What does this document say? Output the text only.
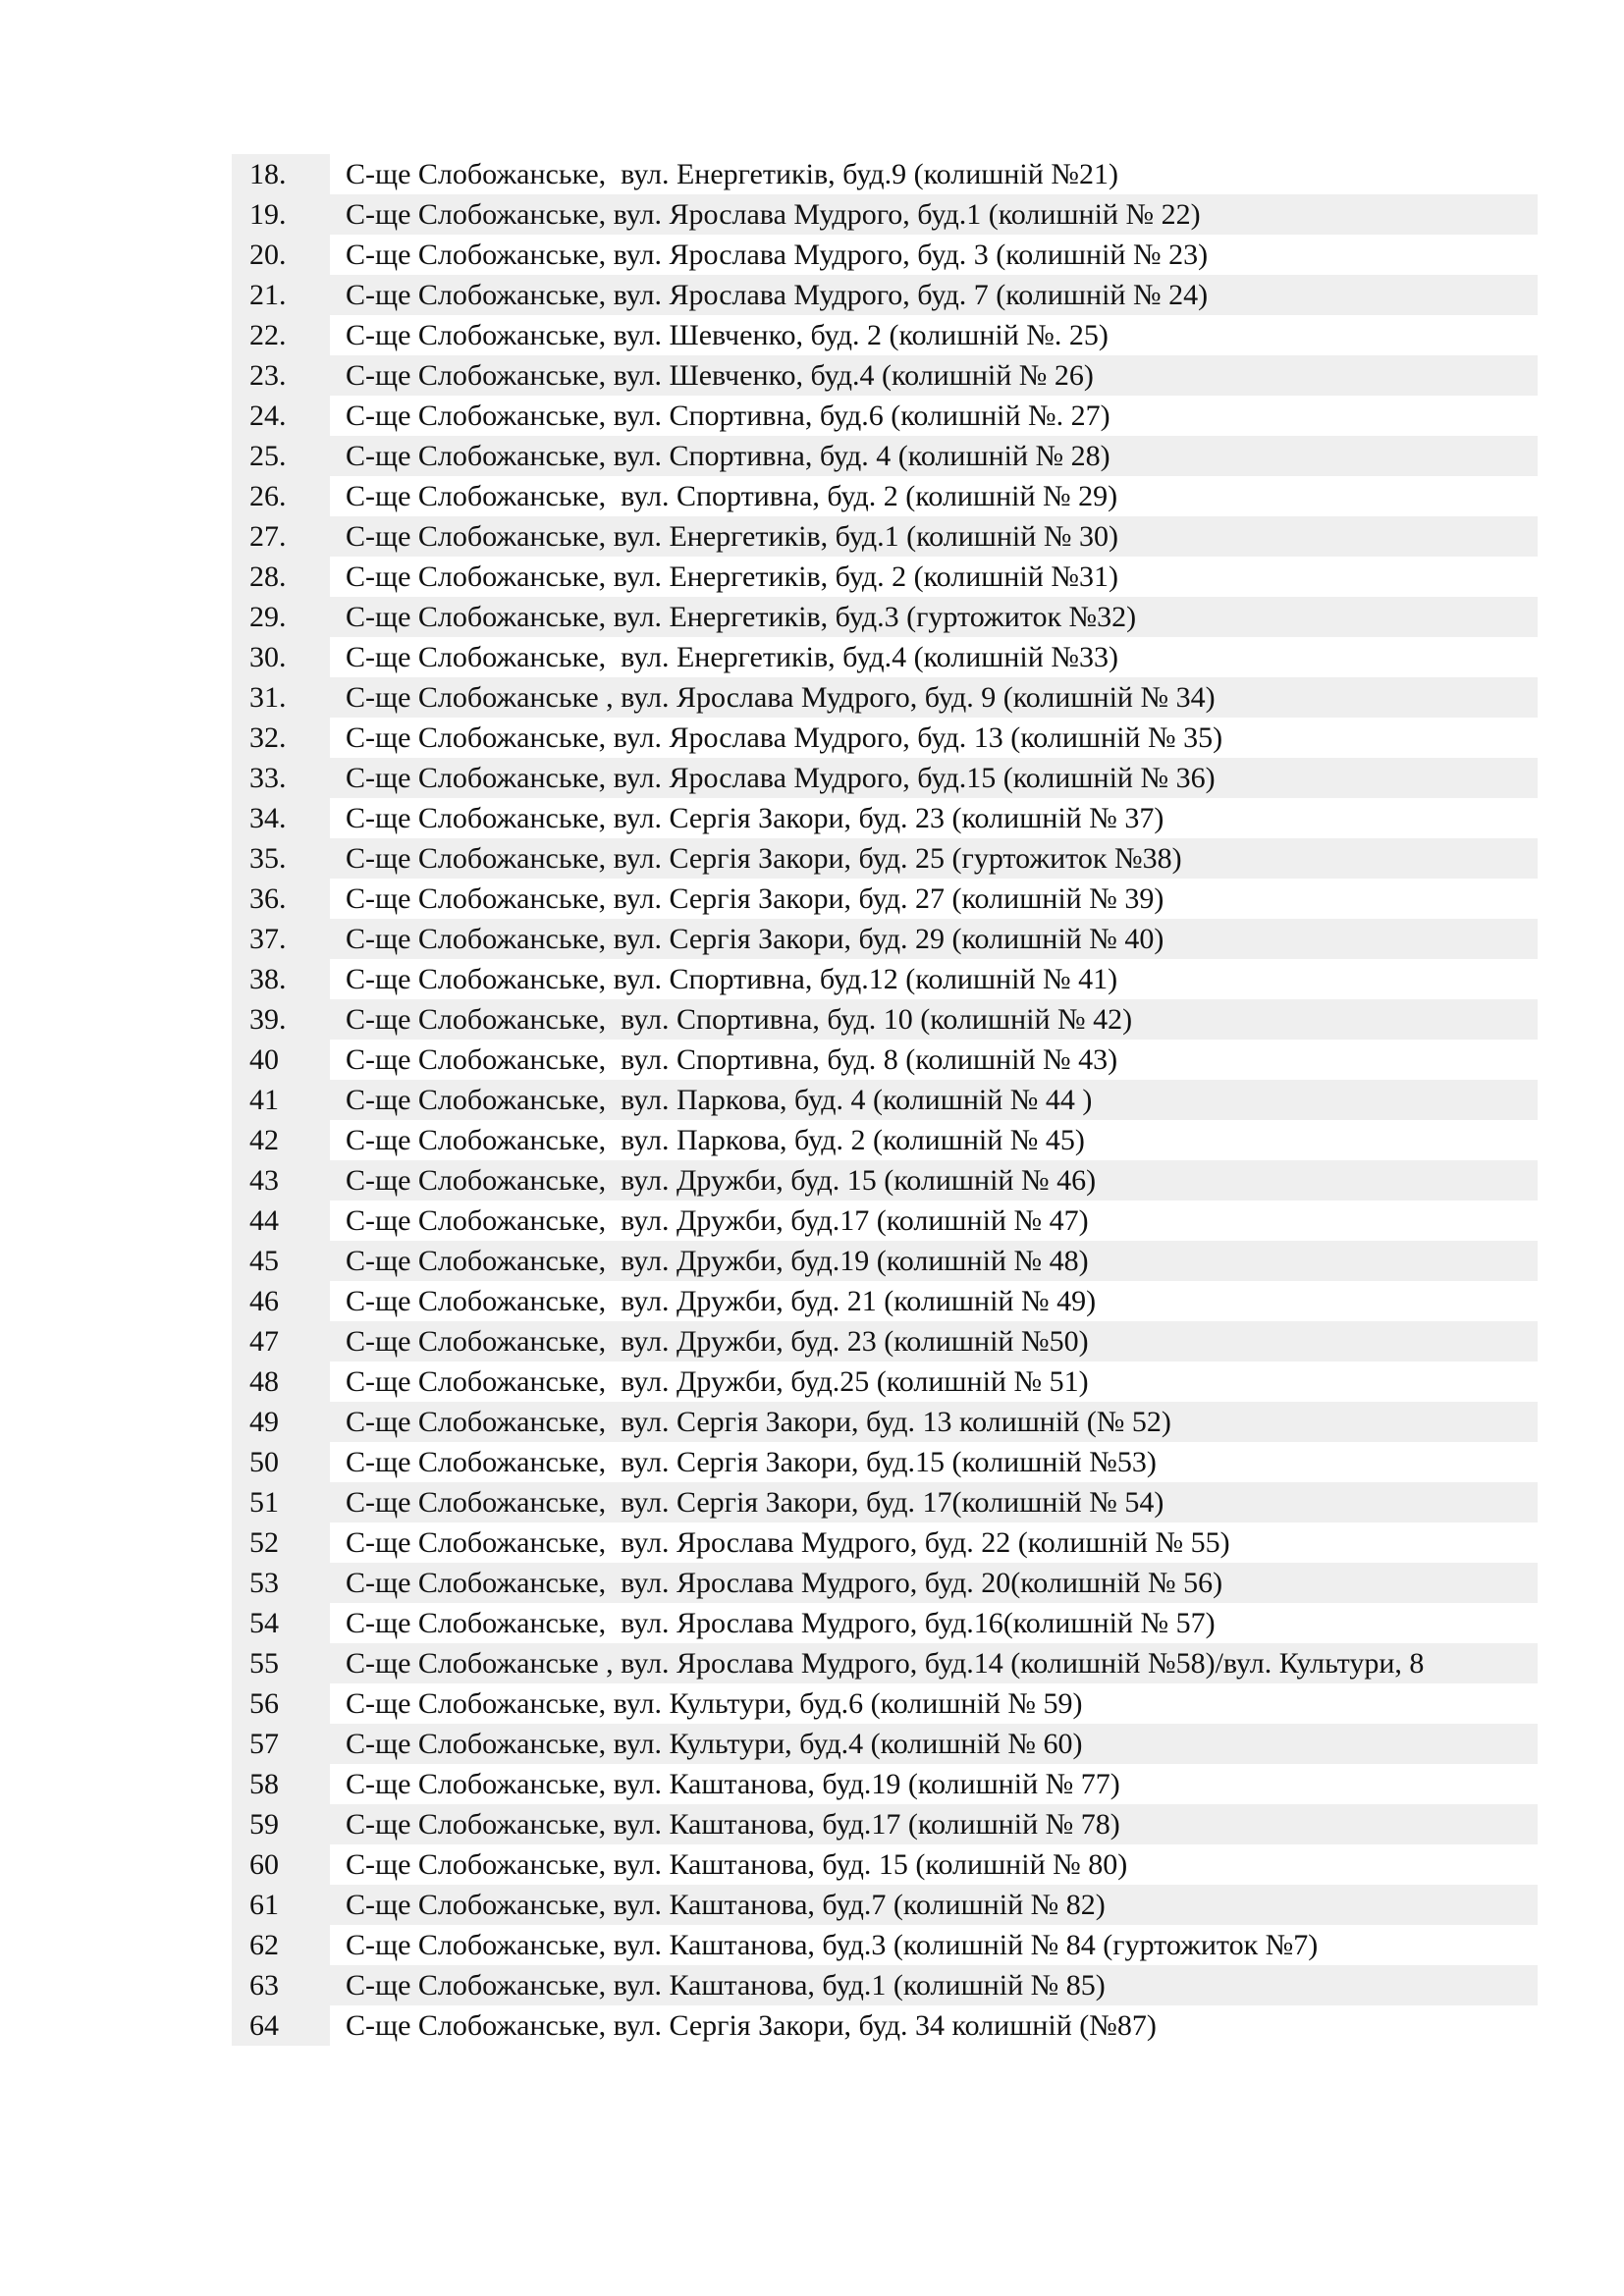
18.	С-ще Слобожанське,  вул. Енергетиків, буд.9 (колишній №21)
19.	С-ще Слобожанське, вул. Ярослава Мудрого, буд.1 (колишній № 22)
20.	С-ще Слобожанське, вул. Ярослава Мудрого, буд. 3 (колишній № 23)
21.	С-ще Слобожанське, вул. Ярослава Мудрого, буд. 7 (колишній № 24)
22.	С-ще Слобожанське, вул. Шевченко, буд. 2 (колишній №. 25)
23.	С-ще Слобожанське, вул. Шевченко, буд.4 (колишній № 26)
24.	С-ще Слобожанське, вул. Спортивна, буд.6 (колишній №. 27)
25.	С-ще Слобожанське, вул. Спортивна, буд. 4 (колишній № 28)
26.	С-ще Слобожанське,  вул. Спортивна, буд. 2 (колишній № 29)
27.	С-ще Слобожанське, вул. Енергетиків, буд.1 (колишній № 30)
28.	С-ще Слобожанське, вул. Енергетиків, буд. 2 (колишній №31)
29.	С-ще Слобожанське, вул. Енергетиків, буд.3 (гуртожиток №32)
30.	С-ще Слобожанське,  вул. Енергетиків, буд.4 (колишній №33)
31.	С-ще Слобожанське , вул. Ярослава Мудрого, буд. 9 (колишній № 34)
32.	С-ще Слобожанське, вул. Ярослава Мудрого, буд. 13 (колишній № 35)
33.	С-ще Слобожанське, вул. Ярослава Мудрого, буд.15 (колишній № 36)
34.	С-ще Слобожанське, вул. Сергія Закори, буд. 23 (колишній № 37)
35.	С-ще Слобожанське, вул. Сергія Закори, буд. 25 (гуртожиток №38)
36.	С-ще Слобожанське, вул. Сергія Закори, буд. 27 (колишній № 39)
37.	С-ще Слобожанське, вул. Сергія Закори, буд. 29 (колишній № 40)
38.	С-ще Слобожанське, вул. Спортивна, буд.12 (колишній № 41)
39.	С-ще Слобожанське,  вул. Спортивна, буд. 10 (колишній № 42)
40	С-ще Слобожанське,  вул. Спортивна, буд. 8 (колишній № 43)
41	С-ще Слобожанське,  вул. Паркова, буд. 4 (колишній № 44 )
42	С-ще Слобожанське,  вул. Паркова, буд. 2 (колишній № 45)
43	С-ще Слобожанське,  вул. Дружби, буд. 15 (колишній № 46)
44	С-ще Слобожанське,  вул. Дружби, буд.17 (колишній № 47)
45	С-ще Слобожанське,  вул. Дружби, буд.19 (колишній № 48)
46	С-ще Слобожанське,  вул. Дружби, буд. 21 (колишній № 49)
47	С-ще Слобожанське,  вул. Дружби, буд. 23 (колишній №50)
48	С-ще Слобожанське,  вул. Дружби, буд.25 (колишній № 51)
49	С-ще Слобожанське,  вул. Сергія Закори, буд. 13 колишній (№ 52)
50	С-ще Слобожанське,  вул. Сергія Закори, буд.15 (колишній №53)
51	С-ще Слобожанське,  вул. Сергія Закори, буд. 17(колишній № 54)
52	С-ще Слобожанське,  вул. Ярослава Мудрого, буд. 22 (колишній № 55)
53	С-ще Слобожанське,  вул. Ярослава Мудрого, буд. 20(колишній № 56)
54	С-ще Слобожанське,  вул. Ярослава Мудрого, буд.16(колишній № 57)
55	С-ще Слобожанське , вул. Ярослава Мудрого, буд.14 (колишній №58)/вул. Культури, 8
56	С-ще Слобожанське, вул. Культури, буд.6 (колишній № 59)
57	С-ще Слобожанське, вул. Культури, буд.4 (колишній № 60)
58	С-ще Слобожанське, вул. Каштанова, буд.19 (колишній № 77)
59	С-ще Слобожанське, вул. Каштанова, буд.17 (колишній № 78)
60	С-ще Слобожанське, вул. Каштанова, буд. 15 (колишній № 80)
61	С-ще Слобожанське, вул. Каштанова, буд.7 (колишній № 82)
62	С-ще Слобожанське, вул. Каштанова, буд.3 (колишній № 84 (гуртожиток №7)
63	С-ще Слобожанське, вул. Каштанова, буд.1 (колишній № 85)
64	С-ще Слобожанське, вул. Сергія Закори, буд. 34 колишній (№87)
